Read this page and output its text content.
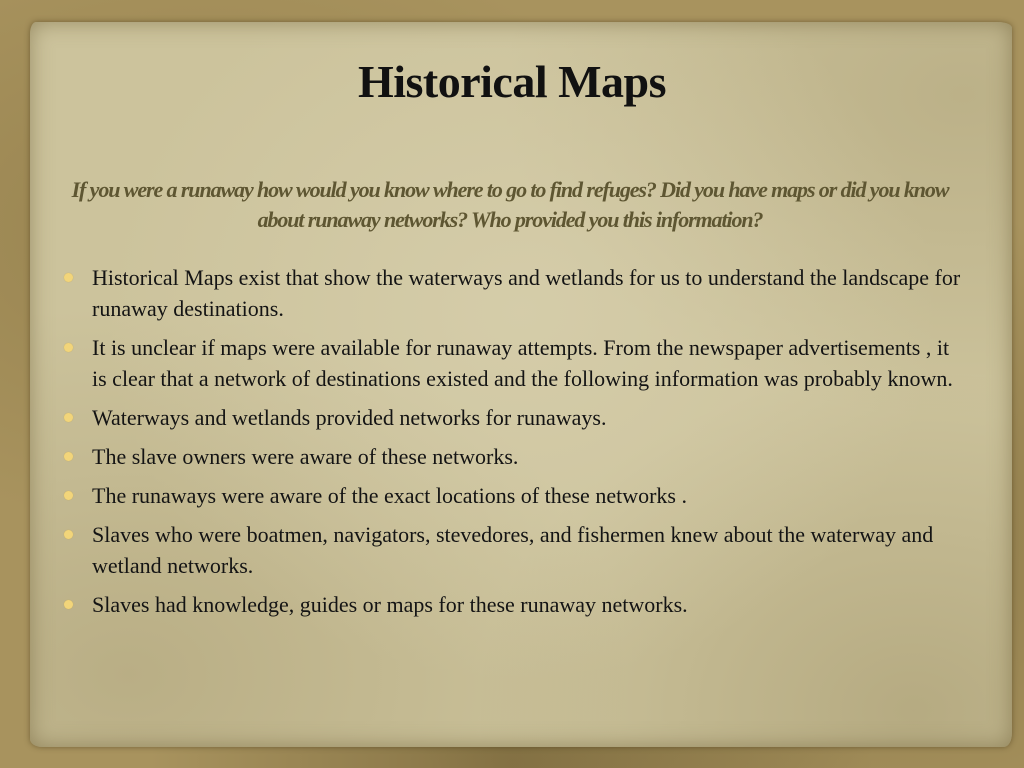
Historical Maps
If you were a runaway how would you know where to go to find refuges? Did you have maps or did you know about runaway networks? Who provided you this information?
Historical Maps exist that show the waterways and wetlands for us to understand the landscape for runaway destinations.
It is unclear if maps were available for runaway attempts. From the newspaper advertisements , it is clear that a network of destinations existed and the following information was probably known.
Waterways and wetlands provided networks for runaways.
The slave owners were aware of these networks.
The runaways were aware of the exact locations of these networks .
Slaves who were boatmen, navigators, stevedores, and fishermen knew about the waterway and wetland networks.
Slaves had knowledge, guides or maps for these runaway networks.
